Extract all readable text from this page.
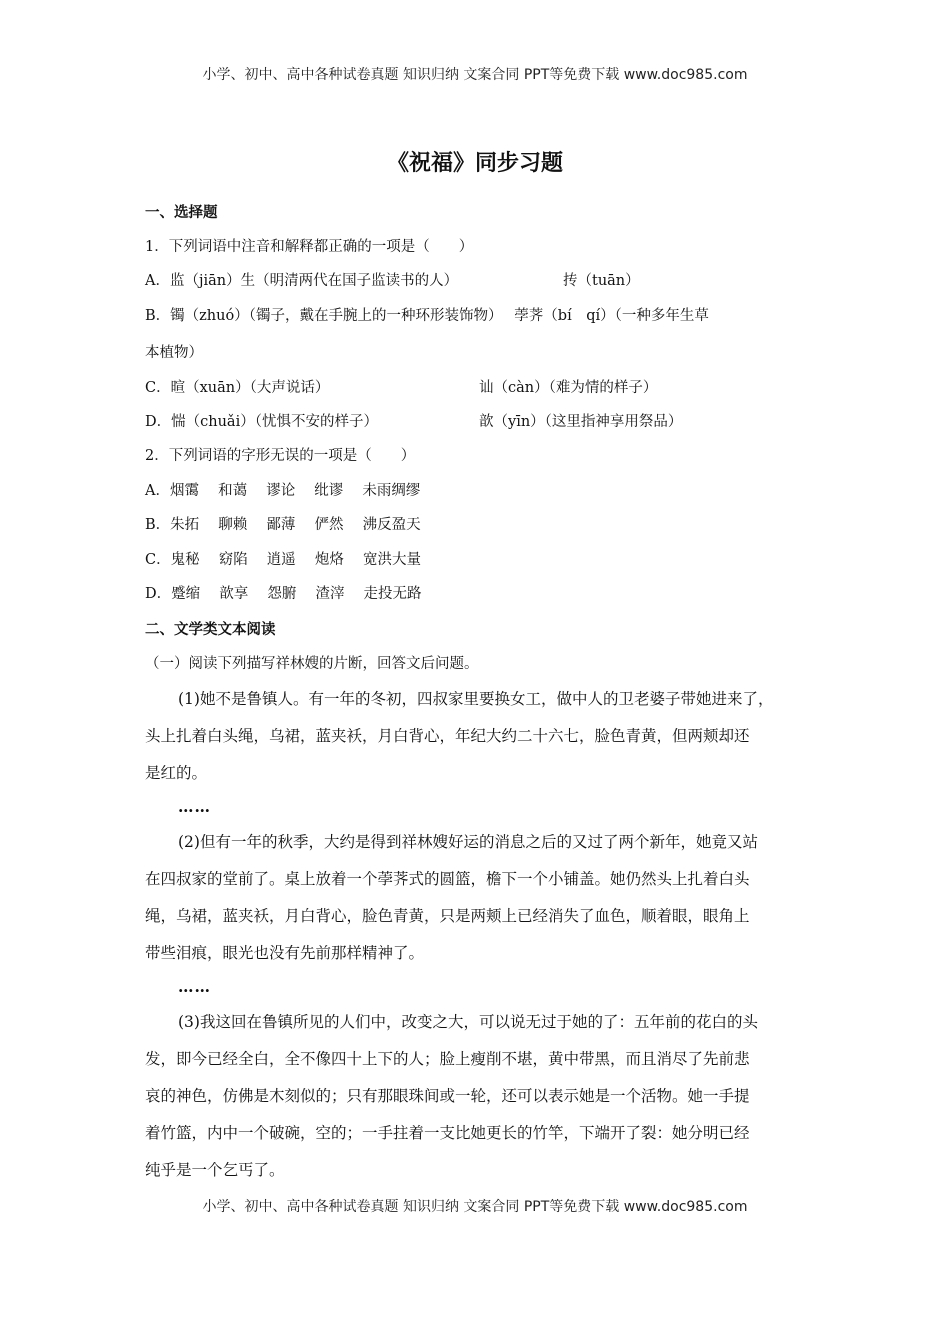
小学、初中、高中各种试卷真题 知识归纳 文案合同 PPT等免费下载 www.doc985.com
《祝福》同步习题
一、选择题
1．下列词语中注音和解释都正确的一项是（　　）
A．监（jiān）生（明清两代在国子监读书的人）	抟（tuān）
B．镯（zhuó）（镯子，戴在手腕上的一种环形装饰物）　 荸荠（bí　qí）（一种多年生草
本植物）
C．暄（xuān）（大声说话）	讪（càn）（难为情的样子）
D．惴（chuǎi）（忧惧不安的样子）	歆（yīn）（这里指神享用祭品）
2．下列词语的字形无误的一项是（　　）
A．烟霭　 和蔼　 谬论　 纰谬　 未雨绸缪
B．朱拓　 聊赖　 鄙薄　 俨然　 沸反盈天
C．鬼秘　 窈陷　 逍遥　 炮烙　 宽洪大量
D．蹙缩　 歆享　 怨腑　 渣滓　 走投无路
二、文学类文本阅读
（一）阅读下列描写祥林嫂的片断，回答文后问题。
(1)她不是鲁镇人。有一年的冬初，四叔家里要换女工，做中人的卫老婆子带她进来了，
头上扎着白头绳，乌裙，蓝夹袄，月白背心，年纪大约二十六七，脸色青黄，但两颊却还
是红的。
……
(2)但有一年的秋季，大约是得到祥林嫂好运的消息之后的又过了两个新年，她竟又站
在四叔家的堂前了。桌上放着一个荸荠式的圆篮，檐下一个小铺盖。她仍然头上扎着白头
绳，乌裙，蓝夹袄，月白背心，脸色青黄，只是两颊上已经消失了血色，顺着眼，眼角上
带些泪痕，眼光也没有先前那样精神了。
……
(3)我这回在鲁镇所见的人们中，改变之大，可以说无过于她的了：五年前的花白的头
发，即今已经全白，全不像四十上下的人；脸上瘦削不堪，黄中带黑，而且消尽了先前悲
哀的神色，仿佛是木刻似的；只有那眼珠间或一轮，还可以表示她是一个活物。她一手提
着竹篮，内中一个破碗，空的；一手拄着一支比她更长的竹竿，下端开了裂：她分明已经
纯乎是一个乞丐了。
小学、初中、高中各种试卷真题 知识归纳 文案合同 PPT等免费下载 www.doc985.com
